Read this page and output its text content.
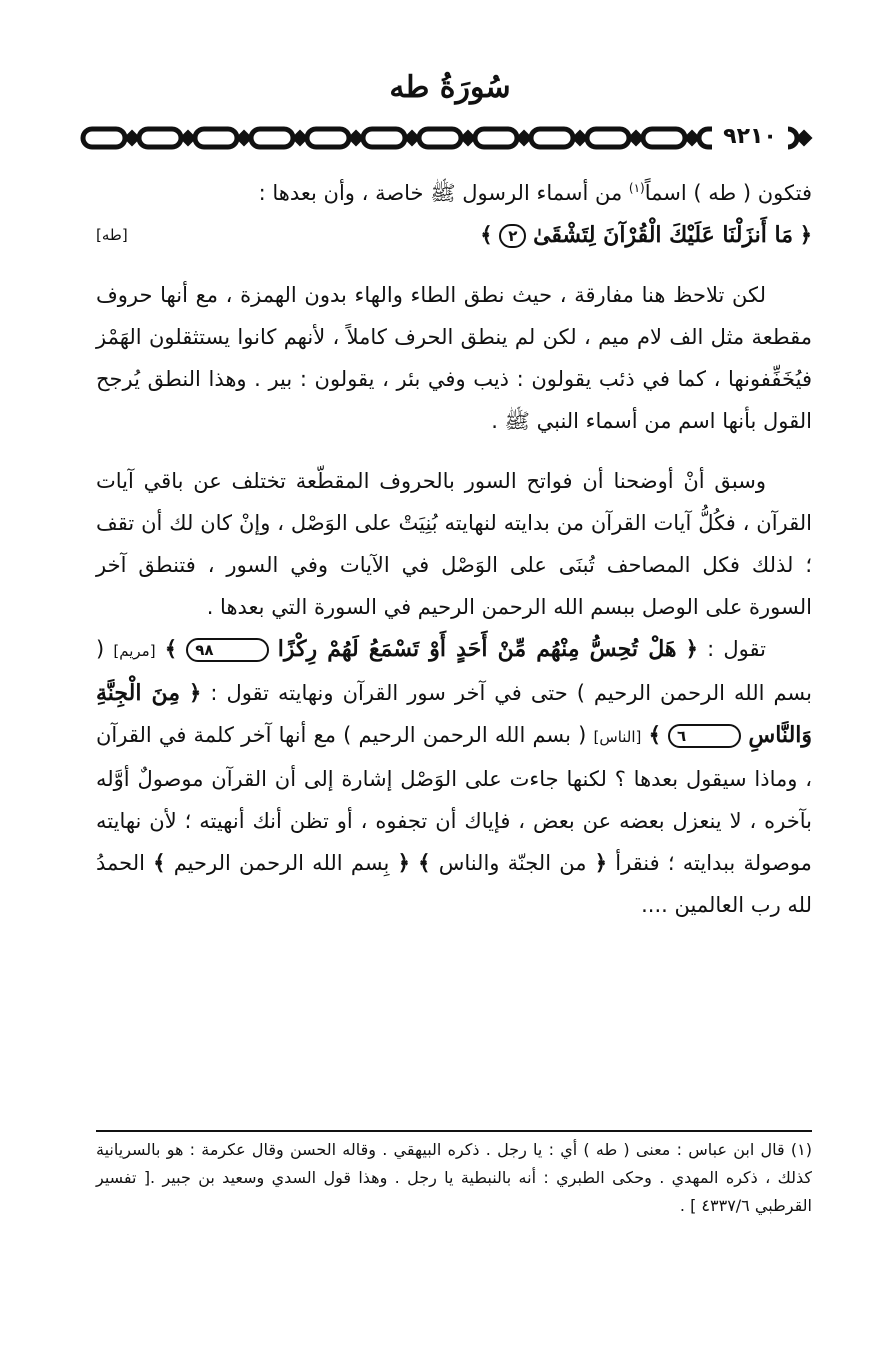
سُورَةُ طه
٩٢١٠

فتكون ( طه ) اسماً$^{(١)}$ من أسماء الرسول ﷺ خاصة ، وأن بعدها :

[طه]	﴿ مَا أَنزَلْنَا عَلَيْكَ الْقُرْآنَ لِتَشْقَىٰ ٢ ﴾

لكن تلاحظ هنا مفارقة ، حيث نطق الطاء والهاء بدون الهمزة ، مع أنها حروف مقطعة مثل الف لام ميم ، لكن لم ينطق الحرف كاملاً ، لأنهم كانوا يستثقلون الهَمْز فيُخَفِّفونها ، كما في ذئب يقولون : ذيب وفي بئر ، يقولون : بير . وهذا النطق يُرجح القول بأنها اسم من أسماء النبي ﷺ .

وسبق أنْ أوضحنا أن فواتح السور بالحروف المقطّعة تختلف عن باقي آيات القرآن ، فكُلُّ آيات القرآن من بدايته لنهايته بُنِيَتْ على الوَصْل ، وإنْ كان لك أن تقف ؛ لذلك فكل المصاحف تُبنَى على الوَصْل في الآيات وفي السور ، فتنطق آخر السورة على الوصل ببسم الله الرحمن الرحيم في السورة التي بعدها .

تقول : ﴿ هَلْ تُحِسُّ مِنْهُم مِّنْ أَحَدٍ أَوْ تَسْمَعُ لَهُمْ رِكْزًا ٩٨ ﴾ [مريم] ( بسم الله الرحمن الرحيم ) حتى في آخر سور القرآن ونهايته تقول : ﴿ مِنَ الْجِنَّةِ وَالنَّاسِ ٦ ﴾ [الناس] ( بسم الله الرحمن الرحيم ) مع أنها آخر كلمة في القرآن ، وماذا سيقول بعدها ؟ لكنها جاءت على الوَصْل إشارة إلى أن القرآن موصولٌ أوَّله بآخره ، لا ينعزل بعضه عن بعض ، فإياك أن تجفوه ، أو تظن أنك أنهيته ؛ لأن نهايته موصولة ببدايته ؛ فنقرأ ﴿ من الجنّة والناس ﴾ ﴿ بِسم الله الرحمن الرحيم ﴾ الحمدُ لله رب العالمين ....

(١) قال ابن عباس : معنى ( طه ) أي : يا رجل . ذكره البيهقي . وقاله الحسن وقال عكرمة : هو بالسريانية كذلك ، ذكره المهدي . وحكى الطبري : أنه بالنبطية يا رجل . وهذا قول السدي وسعيد بن جبير .[ تفسير القرطبي ٤٣٣٧/٦ ] .
